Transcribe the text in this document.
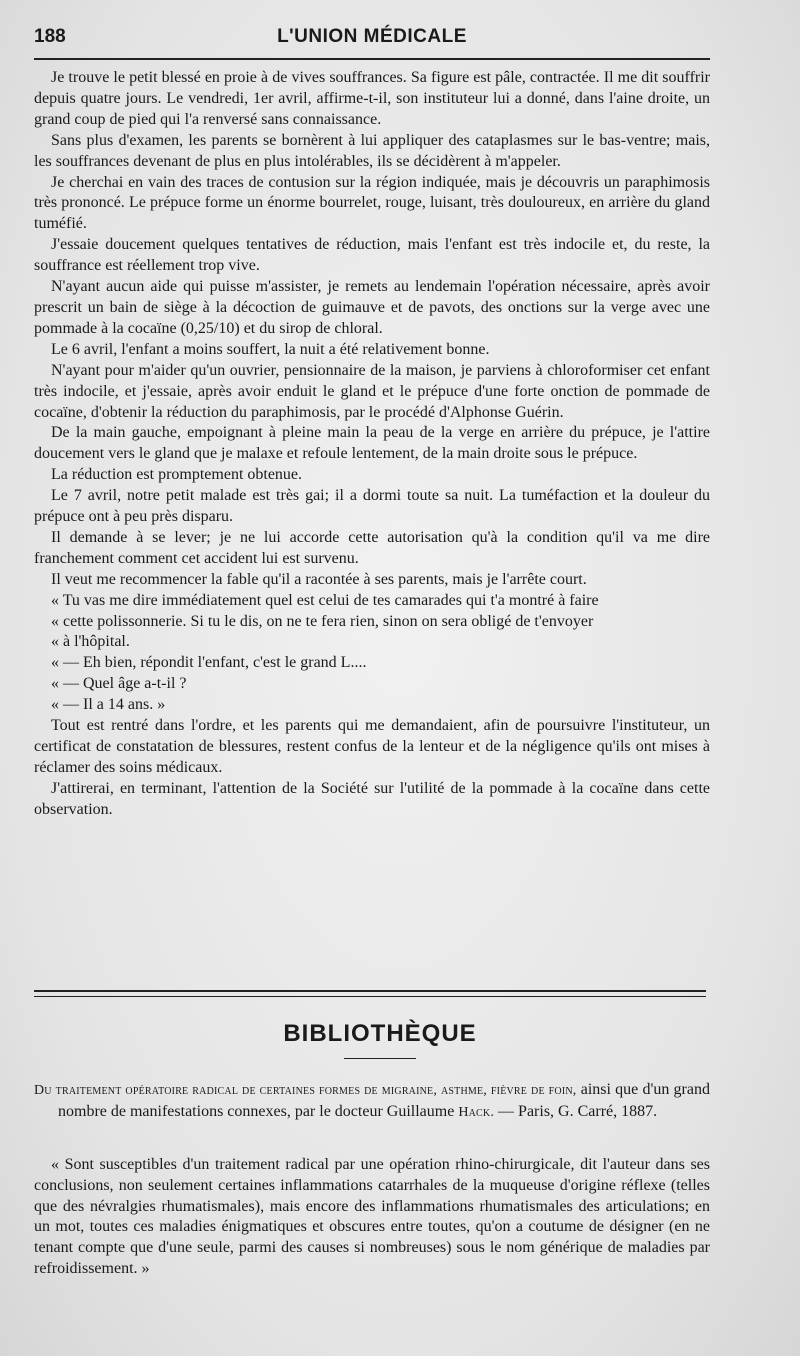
188	L'UNION MÉDICALE

Je trouve le petit blessé en proie à de vives souffrances. Sa figure est pâle, contractée. Il me dit souffrir depuis quatre jours. Le vendredi, 1er avril, affirme-t-il, son instituteur lui a donné, dans l'aine droite, un grand coup de pied qui l'a renversé sans connaissance.

Sans plus d'examen, les parents se bornèrent à lui appliquer des cataplasmes sur le bas-ventre; mais, les souffrances devenant de plus en plus intolérables, ils se décidèrent à m'appeler.

Je cherchai en vain des traces de contusion sur la région indiquée, mais je découvris un paraphimosis très prononcé. Le prépuce forme un énorme bourrelet, rouge, luisant, très douloureux, en arrière du gland tuméfié.

J'essaie doucement quelques tentatives de réduction, mais l'enfant est très indocile et, du reste, la souffrance est réellement trop vive.

N'ayant aucun aide qui puisse m'assister, je remets au lendemain l'opération nécessaire, après avoir prescrit un bain de siège à la décoction de guimauve et de pavots, des onctions sur la verge avec une pommade à la cocaïne (0,25/10) et du sirop de chloral.

Le 6 avril, l'enfant a moins souffert, la nuit a été relativement bonne.

N'ayant pour m'aider qu'un ouvrier, pensionnaire de la maison, je parviens à chloroformiser cet enfant très indocile, et j'essaie, après avoir enduit le gland et le prépuce d'une forte onction de pommade de cocaïne, d'obtenir la réduction du paraphimosis, par le procédé d'Alphonse Guérin.

De la main gauche, empoignant à pleine main la peau de la verge en arrière du prépuce, je l'attire doucement vers le gland que je malaxe et refoule lentement, de la main droite sous le prépuce.

La réduction est promptement obtenue.

Le 7 avril, notre petit malade est très gai; il a dormi toute sa nuit. La tuméfaction et la douleur du prépuce ont à peu près disparu.

Il demande à se lever; je ne lui accorde cette autorisation qu'à la condition qu'il va me dire franchement comment cet accident lui est survenu.

Il veut me recommencer la fable qu'il a racontée à ses parents, mais je l'arrête court.

« Tu vas me dire immédiatement quel est celui de tes camarades qui t'a montré à faire

« cette polissonnerie. Si tu le dis, on ne te fera rien, sinon on sera obligé de t'envoyer

« à l'hôpital.

« — Eh bien, répondit l'enfant, c'est le grand L....

« — Quel âge a-t-il ?

« — Il a 14 ans. »

Tout est rentré dans l'ordre, et les parents qui me demandaient, afin de poursuivre l'instituteur, un certificat de constatation de blessures, restent confus de la lenteur et de la négligence qu'ils ont mises à réclamer des soins médicaux.

J'attirerai, en terminant, l'attention de la Société sur l'utilité de la pommade à la cocaïne dans cette observation.

BIBLIOTHÈQUE
Du traitement opératoire radical de certaines formes de migraine, asthme, fièvre de foin, ainsi que d'un grand nombre de manifestations connexes, par le docteur Guillaume Hack. — Paris, G. Carré, 1887.

« Sont susceptibles d'un traitement radical par une opération rhino-chirurgicale, dit l'auteur dans ses conclusions, non seulement certaines inflammations catarrhales de la muqueuse d'origine réflexe (telles que des névralgies rhumatismales), mais encore des inflammations rhumatismales des articulations; en un mot, toutes ces maladies énigmatiques et obscures entre toutes, qu'on a coutume de désigner (en ne tenant compte que d'une seule, parmi des causes si nombreuses) sous le nom générique de maladies par refroidissement. »
